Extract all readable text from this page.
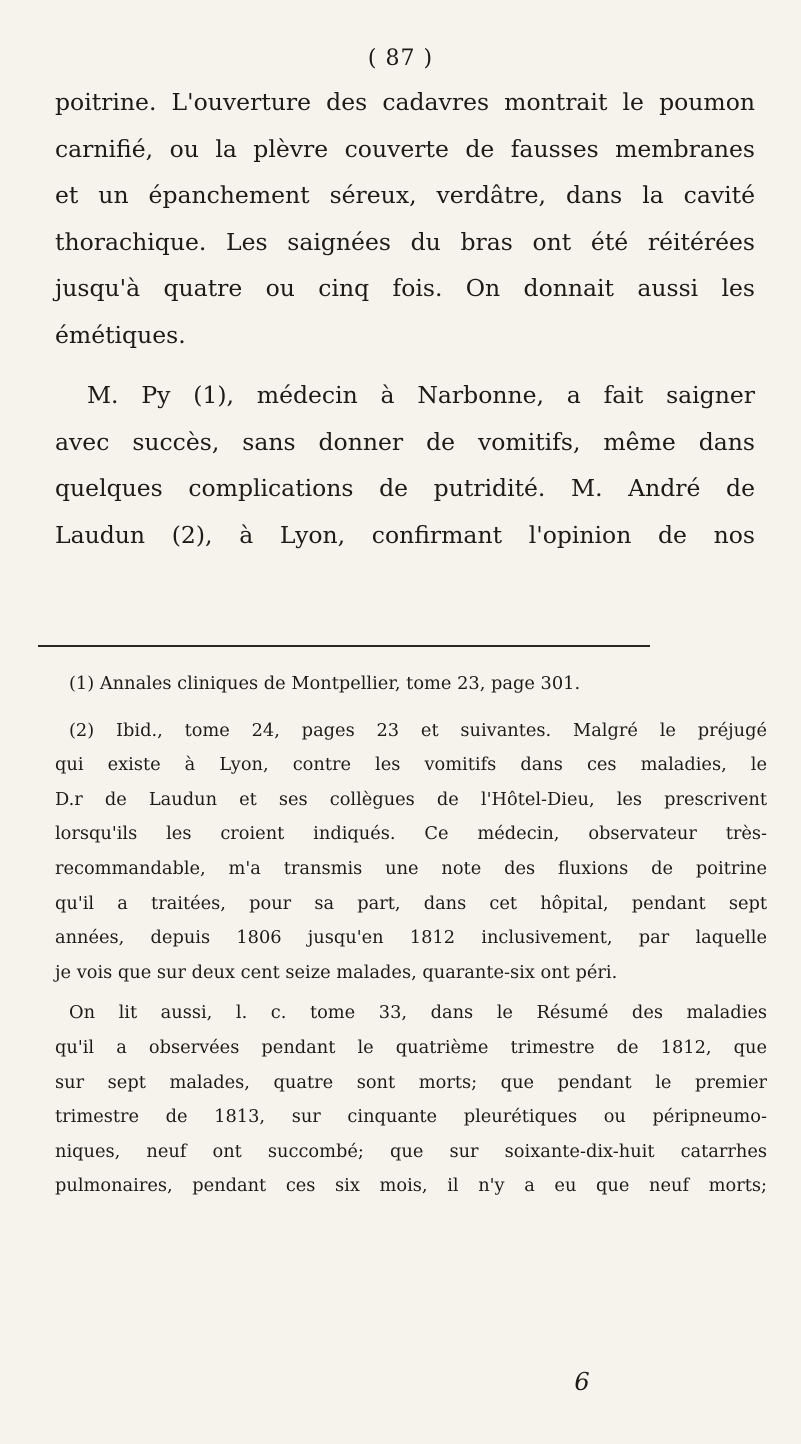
( 87 )
poitrine. L'ouverture des cadavres montrait le poumon
carnifié, ou la plèvre couverte de fausses membranes
et un épanchement séreux, verdâtre, dans la cavité
thorachique. Les saignées du bras ont été réitérées
jusqu'à quatre ou cinq fois. On donnait aussi les
émétiques.
M. Py (1), médecin à Narbonne, a fait saigner
avec succès, sans donner de vomitifs, même dans
quelques complications de putridité. M. André de
Laudun (2), à Lyon, confirmant l'opinion de nos
(1) Annales cliniques de Montpellier, tome 23, page 301.
(2) Ibid., tome 24, pages 23 et suivantes. Malgré le préjugé
qui existe à Lyon, contre les vomitifs dans ces maladies, le
D.r de Laudun et ses collègues de l'Hôtel-Dieu, les prescrivent
lorsqu'ils les croient indiqués. Ce médecin, observateur très-
recommandable, m'a transmis une note des fluxions de poitrine
qu'il a traitées, pour sa part, dans cet hôpital, pendant sept
années, depuis 1806 jusqu'en 1812 inclusivement, par laquelle
je vois que sur deux cent seize malades, quarante-six ont péri.
On lit aussi, l. c. tome 33, dans le Résumé des maladies
qu'il a observées pendant le quatrième trimestre de 1812, que
sur sept malades, quatre sont morts; que pendant le premier
trimestre de 1813, sur cinquante pleurétiques ou péripneumo-
niques, neuf ont succombé; que sur soixante-dix-huit catarrhes
pulmonaires, pendant ces six mois, il n'y a eu que neuf morts;
6
